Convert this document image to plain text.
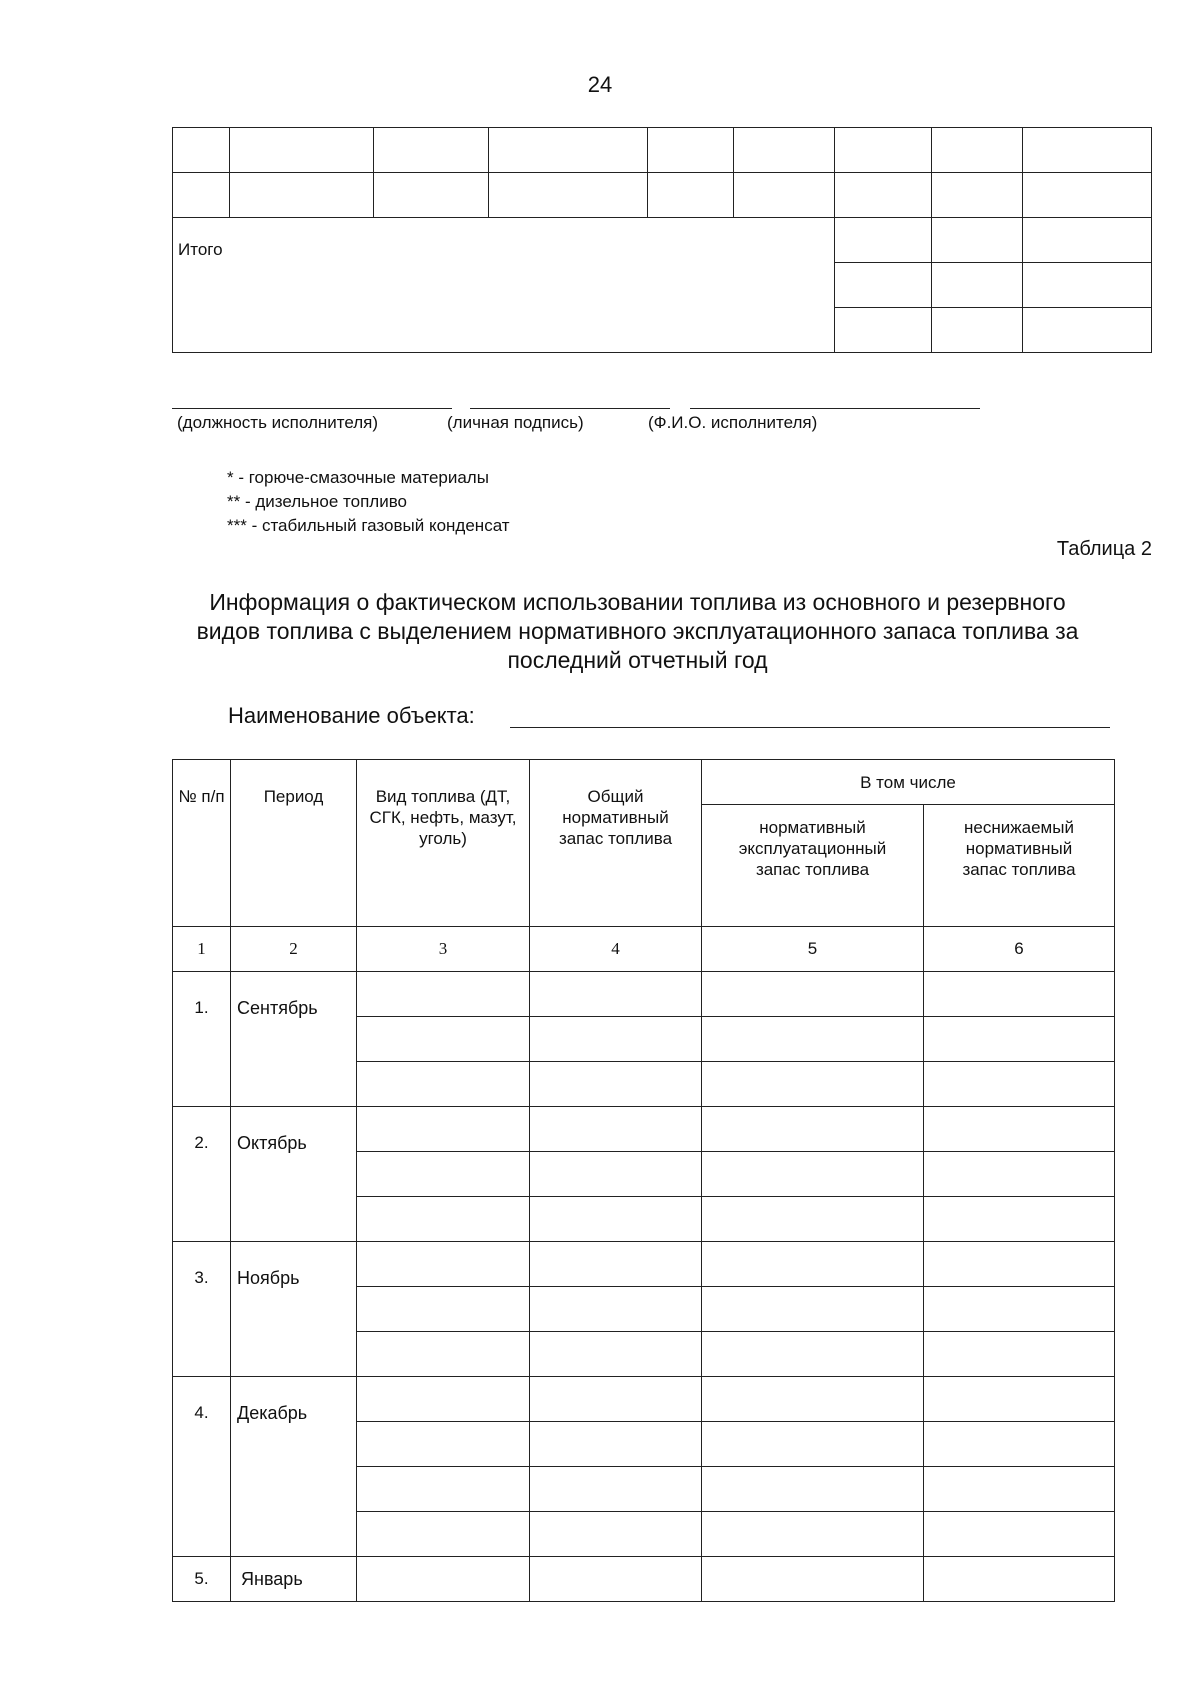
24

Итого								

(должность исполнителя)	(личная подпись)	(Ф.И.О. исполнителя)
* - горюче-смазочные материалы
** - дизельное топливо
*** - стабильный газовый конденсат
Таблица 2
Информация о фактическом использовании топлива из основного и резервного
видов топлива с выделением нормативного эксплуатационного запаса топлива за
последний отчетный год
Наименование объекта:
№ п/п	Период	Вид топлива (ДТ, СГК, нефть, мазут, уголь)	Общий нормативный запас топлива	В том числе	
				нормативный эксплуатационный запас топлива	неснижаемый нормативный запас топлива
1	2	3	4	5	6
1.	Сентябрь				

2.	Октябрь				

3.	Ноябрь				

4.	Декабрь				

5.	Январь				
